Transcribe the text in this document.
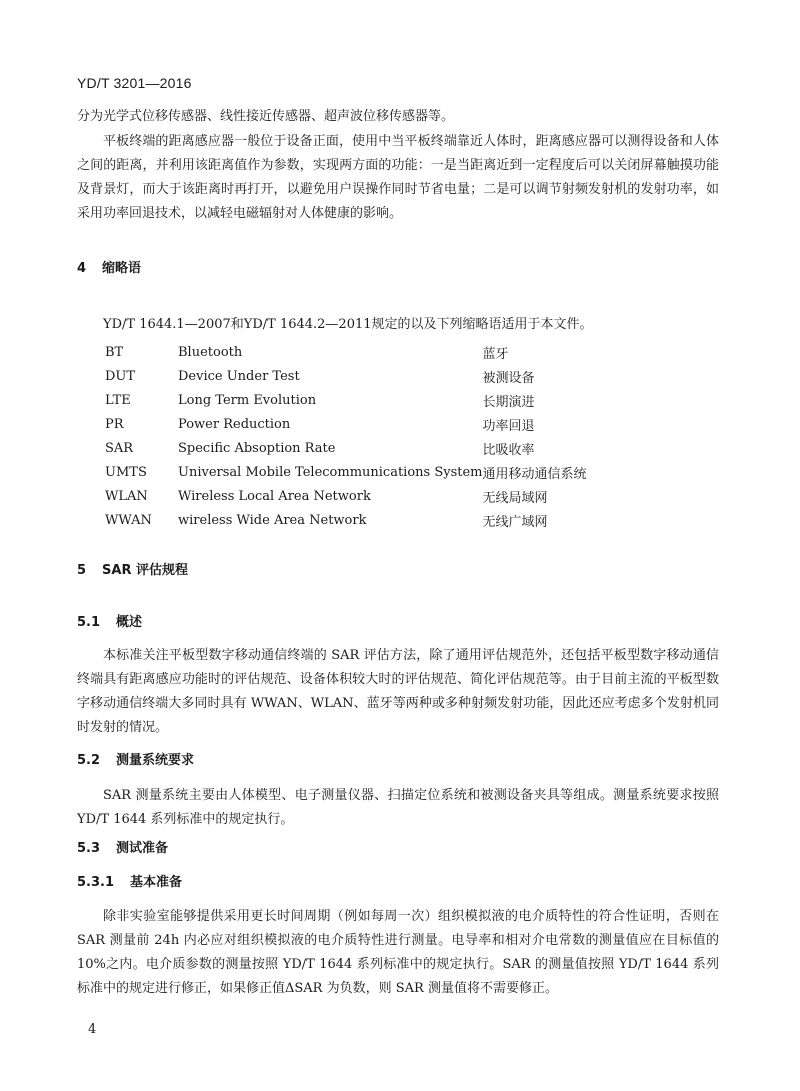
YD/T 3201—2016
分为光学式位移传感器、线性接近传感器、超声波位移传感器等。
平板终端的距离感应器一般位于设备正面，使用中当平板终端靠近人体时，距离感应器可以测得设备和人体之间的距离，并利用该距离值作为参数，实现两方面的功能：一是当距离近到一定程度后可以关闭屏幕触摸功能及背景灯，而大于该距离时再打开，以避免用户误操作同时节省电量；二是可以调节射频发射机的发射功率，如采用功率回退技术，以减轻电磁辐射对人体健康的影响。
4 缩略语
YD/T 1644.1—2007和YD/T 1644.2—2011规定的以及下列缩略语适用于本文件。
BT	Bluetooth	蓝牙
DUT	Device Under Test	被测设备
LTE	Long Term Evolution	长期演进
PR	Power Reduction	功率回退
SAR	Specific Absoption Rate	比吸收率
UMTS	Universal Mobile Telecommunications System	通用移动通信系统
WLAN	Wireless Local Area Network	无线局域网
WWAN	wireless Wide Area Network	无线广域网
5 SAR 评估规程
5.1 概述
本标准关注平板型数字移动通信终端的 SAR 评估方法，除了通用评估规范外，还包括平板型数字移动通信终端具有距离感应功能时的评估规范、设备体积较大时的评估规范、简化评估规范等。由于目前主流的平板型数字移动通信终端大多同时具有 WWAN、WLAN、蓝牙等两种或多种射频发射功能，因此还应考虑多个发射机同时发射的情况。
5.2 测量系统要求
SAR 测量系统主要由人体模型、电子测量仪器、扫描定位系统和被测设备夹具等组成。测量系统要求按照 YD/T 1644 系列标准中的规定执行。
5.3 测试准备
5.3.1 基本准备
除非实验室能够提供采用更长时间周期（例如每周一次）组织模拟液的电介质特性的符合性证明，否则在 SAR 测量前 24h 内必应对组织模拟液的电介质特性进行测量。电导率和相对介电常数的测量值应在目标值的 10%之内。电介质参数的测量按照 YD/T 1644 系列标准中的规定执行。SAR 的测量值按照 YD/T 1644 系列标准中的规定进行修正，如果修正值ΔSAR 为负数，则 SAR 测量值将不需要修正。
4
